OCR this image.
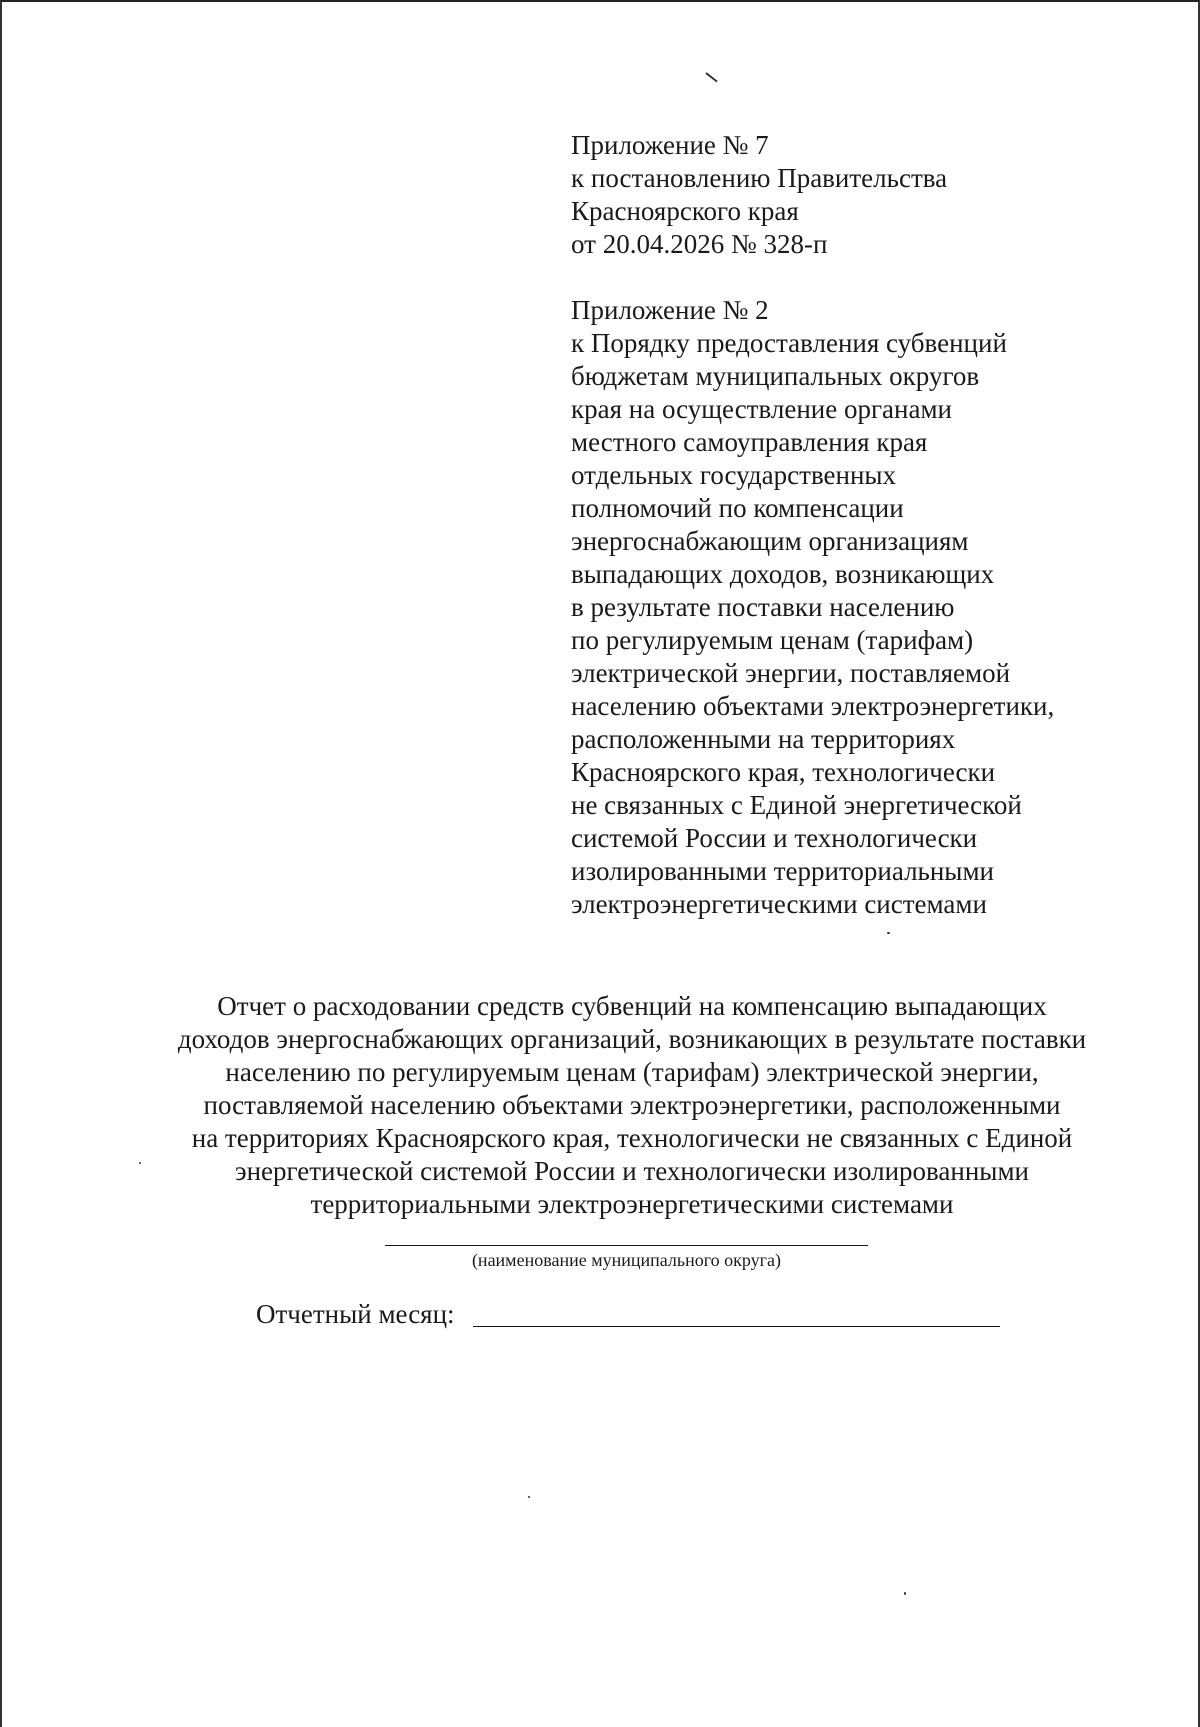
Приложение № 7
к постановлению Правительства
Красноярского края
от 20.04.2026 № 328-п
Приложение № 2
к Порядку предоставления субвенций
бюджетам муниципальных округов
края на осуществление органами
местного самоуправления края
отдельных государственных
полномочий по компенсации
энергоснабжающим организациям
выпадающих доходов, возникающих
в результате поставки населению
по регулируемым ценам (тарифам)
электрической энергии, поставляемой
населению объектами электроэнергетики,
расположенными на территориях
Красноярского края, технологически
не связанных с Единой энергетической
системой России и технологически
изолированными территориальными
электроэнергетическими системами
Отчет о расходовании средств субвенций на компенсацию выпадающих
доходов энергоснабжающих организаций, возникающих в результате поставки
населению по регулируемым ценам (тарифам) электрической энергии,
поставляемой населению объектами электроэнергетики, расположенными
на территориях Красноярского края, технологически не связанных с Единой
энергетической системой России и технологически изолированными
территориальными электроэнергетическими системами
(наименование муниципального округа)
Отчетный месяц:
